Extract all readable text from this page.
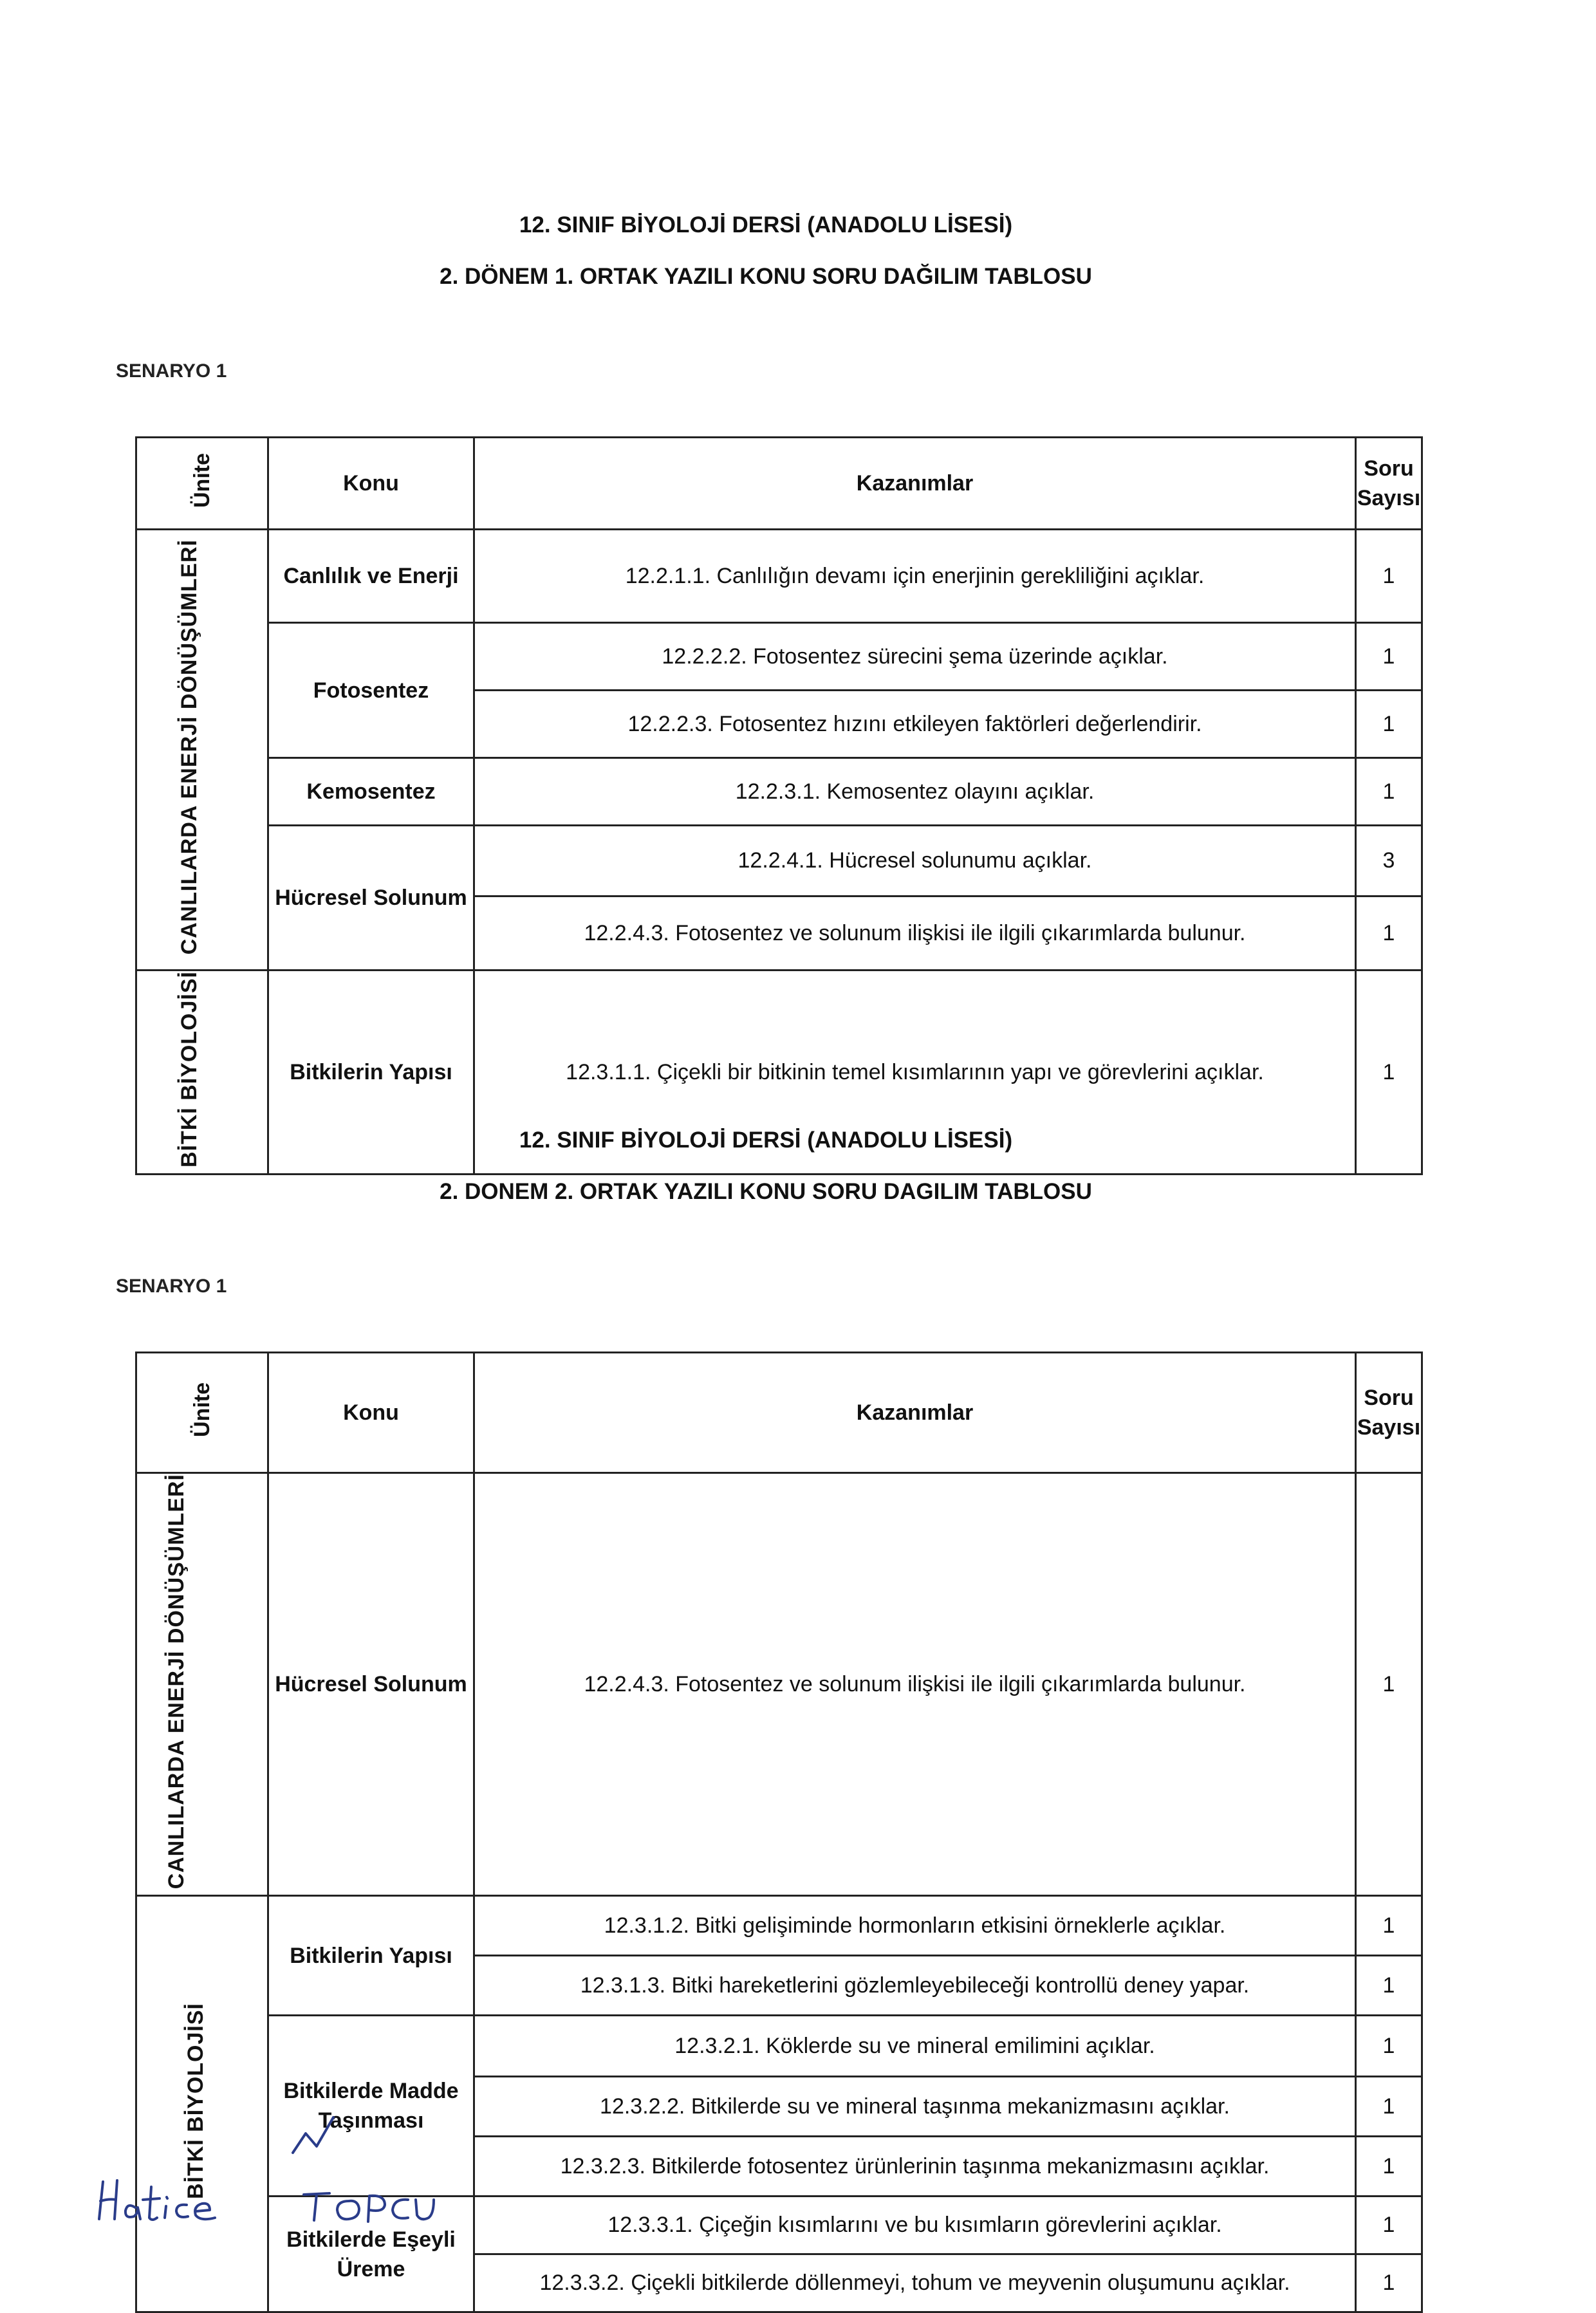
12. SINIF BİYOLOJİ DERSİ (ANADOLU LİSESİ)
2. DÖNEM 1. ORTAK YAZILI KONU SORU DAĞILIM TABLOSU
SENARYO 1
Ünite	Konu	Kazanımlar	Soru Sayısı
CANLILARDA ENERJİ DÖNÜŞÜMLERİ	Canlılık ve Enerji	12.2.1.1. Canlılığın devamı için enerjinin gerekliliğini açıklar.	1
	Fotosentez	12.2.2.2. Fotosentez sürecini şema üzerinde açıklar.	1
		12.2.2.3. Fotosentez hızını etkileyen faktörleri değerlendirir.	1
	Kemosentez	12.2.3.1. Kemosentez olayını açıklar.	1
	Hücresel Solunum	12.2.4.1. Hücresel solunumu açıklar.	3
		12.2.4.3. Fotosentez ve solunum ilişkisi ile ilgili çıkarımlarda bulunur.	1
BİTKİ BİYOLOJİSİ	Bitkilerin Yapısı	12.3.1.1. Çiçekli bir bitkinin temel kısımlarının yapı ve görevlerini açıklar.	1
12. SINIF BİYOLOJİ DERSİ (ANADOLU LİSESİ)
2. DONEM 2. ORTAK YAZILI KONU SORU DAGILIM TABLOSU
SENARYO 1
Ünite	Konu	Kazanımlar	Soru Sayısı
CANLILARDA ENERJİ DÖNÜŞÜMLERİ	Hücresel Solunum	12.2.4.3. Fotosentez ve solunum ilişkisi ile ilgili çıkarımlarda bulunur.	1
BİTKİ BİYOLOJİSİ	Bitkilerin Yapısı	12.3.1.2. Bitki gelişiminde hormonların etkisini örneklerle açıklar.	1
		12.3.1.3. Bitki hareketlerini gözlemleyebileceği kontrollü deney yapar.	1
	Bitkilerde Madde Taşınması	12.3.2.1. Köklerde su ve mineral emilimini açıklar.	1
		12.3.2.2. Bitkilerde su ve mineral taşınma mekanizmasını açıklar.	1
		12.3.2.3. Bitkilerde fotosentez ürünlerinin taşınma mekanizmasını açıklar.	1
	Bitkilerde Eşeyli Üreme	12.3.3.1. Çiçeğin kısımlarını ve bu kısımların görevlerini açıklar.	1
		12.3.3.2. Çiçekli bitkilerde döllenmeyi, tohum ve meyvenin oluşumunu açıklar.	1
